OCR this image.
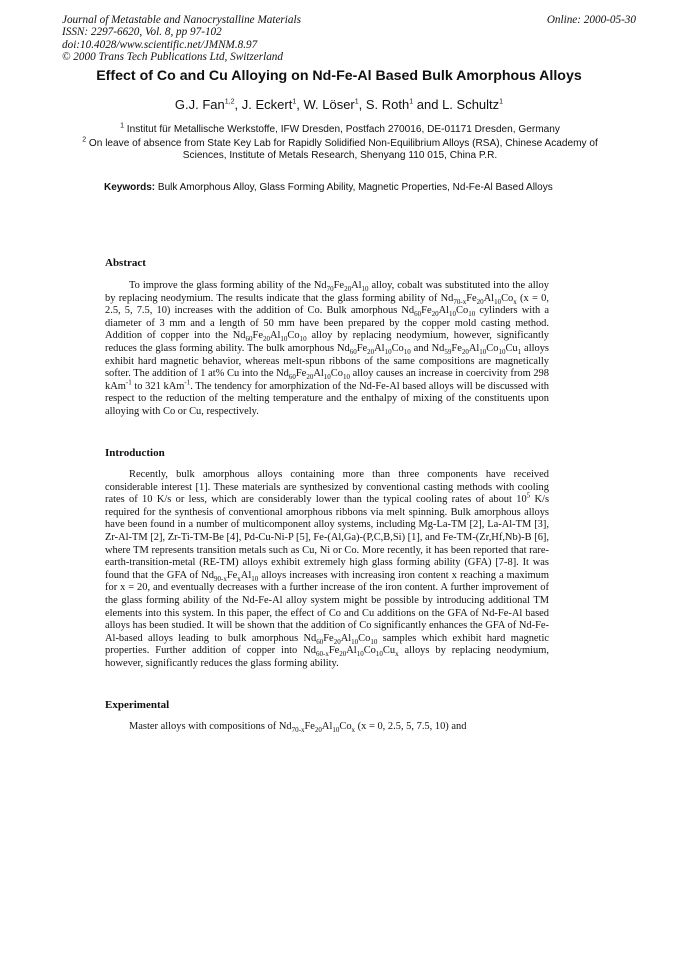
Journal of Metastable and Nanocrystalline Materials
ISSN: 2297-6620, Vol. 8, pp 97-102
doi:10.4028/www.scientific.net/JMNM.8.97
© 2000 Trans Tech Publications Ltd, Switzerland
Online: 2000-05-30
Effect of Co and Cu Alloying on Nd-Fe-Al Based Bulk Amorphous Alloys
G.J. Fan$^{1,2}$, J. Eckert$^1$, W. Löser$^1$, S. Roth$^1$ and L. Schultz$^1$
$^1$ Institut für Metallische Werkstoffe, IFW Dresden, Postfach 270016, DE-01171 Dresden, Germany
$^2$ On leave of absence from State Key Lab for Rapidly Solidified Non-Equilibrium Alloys (RSA), Chinese Academy of Sciences, Institute of Metals Research, Shenyang 110 015, China P.R.
Keywords: Bulk Amorphous Alloy, Glass Forming Ability, Magnetic Properties, Nd-Fe-Al Based Alloys
Abstract
To improve the glass forming ability of the $Nd_{70}Fe_{20}Al_{10}$ alloy, cobalt was substituted into the alloy by replacing neodymium. The results indicate that the glass forming ability of $Nd_{70-x}Fe_{20}Al_{10}Co_x$ (x = 0, 2.5, 5, 7.5, 10) increases with the addition of Co. Bulk amorphous $Nd_{60}Fe_{20}Al_{10}Co_{10}$ cylinders with a diameter of 3 mm and a length of 50 mm have been prepared by the copper mold casting method. Addition of copper into the $Nd_{60}Fe_{20}Al_{10}Co_{10}$ alloy by replacing neodymium, however, significantly reduces the glass forming ability. The bulk amorphous $Nd_{60}Fe_{20}Al_{10}Co_{10}$ and $Nd_{59}Fe_{20}Al_{10}Co_{10}Cu_1$ alloys exhibit hard magnetic behavior, whereas melt-spun ribbons of the same compositions are magnetically softer. The addition of 1 at% Cu into the $Nd_{60}Fe_{20}Al_{10}Co_{10}$ alloy causes an increase in coercivity from 298 kAm$^{-1}$ to 321 kAm$^{-1}$. The tendency for amorphization of the Nd-Fe-Al based alloys will be discussed with respect to the reduction of the melting temperature and the enthalpy of mixing of the constituents upon alloying with Co or Cu, respectively.
Introduction
Recently, bulk amorphous alloys containing more than three components have received considerable interest [1]. These materials are synthesized by conventional casting methods with cooling rates of 10 K/s or less, which are considerably lower than the typical cooling rates of about $10^5$ K/s required for the synthesis of conventional amorphous ribbons via melt spinning. Bulk amorphous alloys have been found in a number of multicomponent alloy systems, including Mg-La-TM [2], La-Al-TM [3], Zr-Al-TM [2], Zr-Ti-TM-Be [4], Pd-Cu-Ni-P [5], Fe-(Al,Ga)-(P,C,B,Si) [1], and Fe-TM-(Zr,Hf,Nb)-B [6], where TM represents transition metals such as Cu, Ni or Co. More recently, it has been reported that rare-earth-transition-metal (RE-TM) alloys exhibit extremely high glass forming ability (GFA) [7-8]. It was found that the GFA of $Nd_{90-x}Fe_xAl_{10}$ alloys increases with increasing iron content x reaching a maximum for x = 20, and eventually decreases with a further increase of the iron content. A further improvement of the glass forming ability of the Nd-Fe-Al alloy system might be possible by introducing additional TM elements into this system. In this paper, the effect of Co and Cu additions on the GFA of Nd-Fe-Al based alloys has been studied. It will be shown that the addition of Co significantly enhances the GFA of Nd-Fe-Al-based alloys leading to bulk amorphous $Nd_{60}Fe_{20}Al_{10}Co_{10}$ samples which exhibit hard magnetic properties. Further addition of copper into $Nd_{60-x}Fe_{20}Al_{10}Co_{10}Cu_x$ alloys by replacing neodymium, however, significantly reduces the glass forming ability.
Experimental
Master alloys with compositions of $Nd_{70-x}Fe_{20}Al_{10}Co_x$ (x = 0, 2.5, 5, 7.5, 10) and
